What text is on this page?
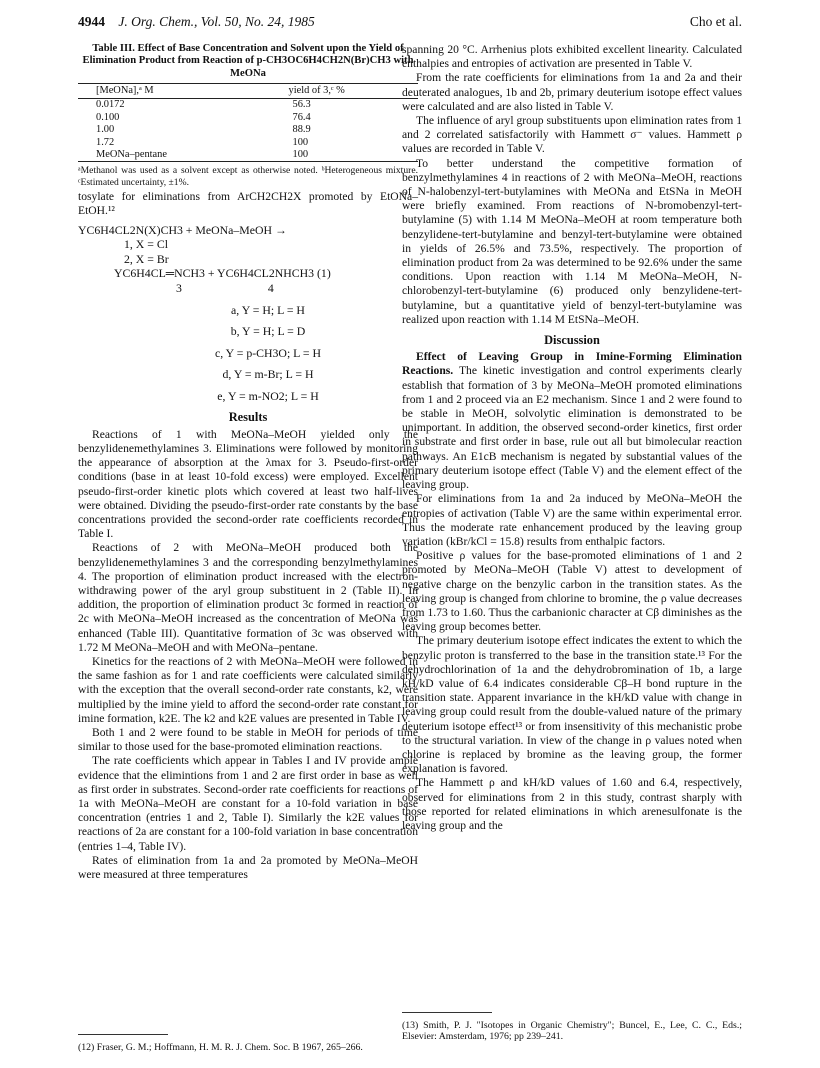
4944 J. Org. Chem., Vol. 50, No. 24, 1985	Cho et al.
Table III. Effect of Base Concentration and Solvent upon the Yield of Elimination Product from Reaction of p-CH3OC6H4CH2N(Br)CH3 with MeONa
[MeONa],ᵃ M	yield of 3,ᶜ %
0.0172	56.3
0.100	76.4
1.00	88.9
1.72	100
MeONa–pentane	100
ᵃMethanol was used as a solvent except as otherwise noted. ᵇHeterogeneous mixture. ᶜEstimated uncertainty, ±1%.

tosylate for eliminations from ArCH2CH2X promoted by EtONa–EtOH.¹²

YC6H4CL2N(X)CH3 + MeONa–MeOH →
1, X = Cl
2, X = Br
YC6H4CL═NCH3 + YC6H4CL2NHCH3 (1)
3	4
a, Y = H; L = H
b, Y = H; L = D
c, Y = p-CH3O; L = H
d, Y = m-Br; L = H
e, Y = m-NO2; L = H
Results

Reactions of 1 with MeONa–MeOH yielded only the benzylidenemethylamines 3. Eliminations were followed by monitoring the appearance of absorption at the λmax for 3. Pseudo-first-order conditions (base in at least 10-fold excess) were employed. Excellent pseudo-first-order kinetic plots which covered at least two half-lives were obtained. Dividing the pseudo-first-order rate constants by the base concentrations provided the second-order rate coefficients recorded in Table I.

Reactions of 2 with MeONa–MeOH produced both the benzylidenemethylamines 3 and the corresponding benzylmethylamines 4. The proportion of elimination product increased with the electron-withdrawing power of the aryl group substituent in 2 (Table II). In addition, the proportion of elimination product 3c formed in reaction of 2c with MeONa–MeOH increased as the concentration of MeONa was enhanced (Table III). Quantitative formation of 3c was observed with 1.72 M MeONa–MeOH and with MeONa–pentane.

Kinetics for the reactions of 2 with MeONa–MeOH were followed in the same fashion as for 1 and rate coefficients were calculated similarly with the exception that the overall second-order rate constants, k2, were multiplied by the imine yield to afford the second-order rate constant for imine formation, k2E. The k2 and k2E values are presented in Table IV.

Both 1 and 2 were found to be stable in MeOH for periods of time similar to those used for the base-promoted elimination reactions.

The rate coefficients which appear in Tables I and IV provide ample evidence that the elimintions from 1 and 2 are first order in base as well as first order in substrates. Second-order rate coefficients for reactions of 1a with MeONa–MeOH are constant for a 10-fold variation in base concentration (entries 1 and 2, Table I). Similarly the k2E values for reactions of 2a are constant for a 100-fold variation in base concentration (entries 1–4, Table IV).

Rates of elimination from 1a and 2a promoted by MeONa–MeOH were measured at three temperatures

spanning 20 °C. Arrhenius plots exhibited excellent linearity. Calculated enthalpies and entropies of activation are presented in Table V.

From the rate coefficients for eliminations from 1a and 2a and their deuterated analogues, 1b and 2b, primary deuterium isotope effect values were calculated and are also listed in Table V.

The influence of aryl group substituents upon elimination rates from 1 and 2 correlated satisfactorily with Hammett σ⁻ values. Hammett ρ values are recorded in Table V.

To better understand the competitive formation of benzylmethylamines 4 in reactions of 2 with MeONa–MeOH, reactions of N-halobenzyl-tert-butylamines with MeONa and EtSNa in MeOH were briefly examined. From reactions of N-bromobenzyl-tert-butylamine (5) with 1.14 M MeONa–MeOH at room temperature both benzylidene-tert-butylamine and benzyl-tert-butylamine were obtained in yields of 26.5% and 73.5%, respectively. The proportion of elimination product from 2a was determined to be 92.6% under the same conditions. Upon reaction with 1.14 M MeONa–MeOH, N-chlorobenzyl-tert-butylamine (6) produced only benzylidene-tert-butylamine, but a quantitative yield of benzyl-tert-butylamine was realized upon reaction with 1.14 M EtSNa–MeOH.

Discussion

Effect of Leaving Group in Imine-Forming Elimination Reactions. The kinetic investigation and control experiments clearly establish that formation of 3 by MeONa–MeOH promoted eliminations from 1 and 2 proceed via an E2 mechanism. Since 1 and 2 were found to be stable in MeOH, solvolytic elimination is demonstrated to be unimportant. In addition, the observed second-order kinetics, first order in substrate and first order in base, rule out all but bimolecular reaction pathways. An E1cB mechanism is negated by substantial values of the primary deuterium isotope effect (Table V) and the element effect of the leaving group.

For eliminations from 1a and 2a induced by MeONa–MeOH the entropies of activation (Table V) are the same within experimental error. Thus the moderate rate enhancement produced by the leaving group variation (kBr/kCl = 15.8) results from enthalpic factors.

Positive ρ values for the base-promoted eliminations of 1 and 2 promoted by MeONa–MeOH (Table V) attest to development of negative charge on the benzylic carbon in the transition states. As the leaving group is changed from chlorine to bromine, the ρ value decreases from 1.73 to 1.60. Thus the carbanionic character at Cβ diminishes as the leaving group becomes better.

The primary deuterium isotope effect indicates the extent to which the benzylic proton is transferred to the base in the transition state.¹³ For the dehydrochlorination of 1a and the dehydrobromination of 1b, a large kH/kD value of 6.4 indicates considerable Cβ–H bond rupture in the transition state. Apparent invariance in the kH/kD value with change in leaving group could result from the double-valued nature of the primary deuterium isotope effect¹³ or from insensitivity of this mechanistic probe to the structural variation. In view of the change in ρ values noted when chlorine is replaced by bromine as the leaving group, the former explanation is favored.

The Hammett ρ and kH/kD values of 1.60 and 6.4, respectively, observed for eliminations from 2 in this study, contrast sharply with those reported for related eliminations in which arenesulfonate is the leaving group and the

(12) Fraser, G. M.; Hoffmann, H. M. R. J. Chem. Soc. B 1967, 265–266.
(13) Smith, P. J. "Isotopes in Organic Chemistry"; Buncel, E., Lee, C. C., Eds.; Elsevier: Amsterdam, 1976; pp 239–241.
